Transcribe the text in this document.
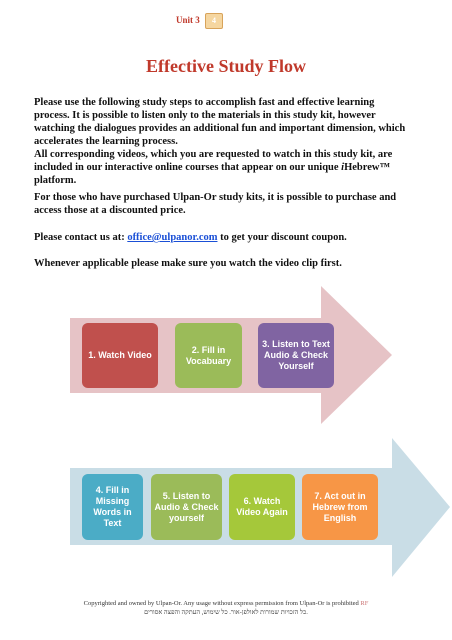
Unit 3	4
Effective Study Flow
Please use the following study steps to accomplish fast and effective learning process. It is possible to listen only to the materials in this study kit, however watching the dialogues provides an additional fun and important dimension, which accelerates the learning process.
All corresponding videos, which you are requested to watch in this study kit, are included in our interactive online courses that appear on our unique iHebrew™ platform.
For those who have purchased Ulpan-Or study kits, it is possible to purchase and access those at a discounted price.
Please contact us at: office@ulpanor.com to get your discount coupon.
Whenever applicable please make sure you watch the video clip first.
1. Watch Video
2. Fill in Vocabuary
3. Listen to Text Audio & Check Yourself
4. Fill in Missing Words in Text
5. Listen to Audio & Check yourself
6. Watch Video Again
7. Act out in Hebrew from English
Copyrighted and owned by Ulpan-Or. Any usage without express permission from Ulpan-Or is prohibited RF
כל הזכויות שמורות לאולפן-אור. כל שימוש, העתקה והפצה אסורים.
